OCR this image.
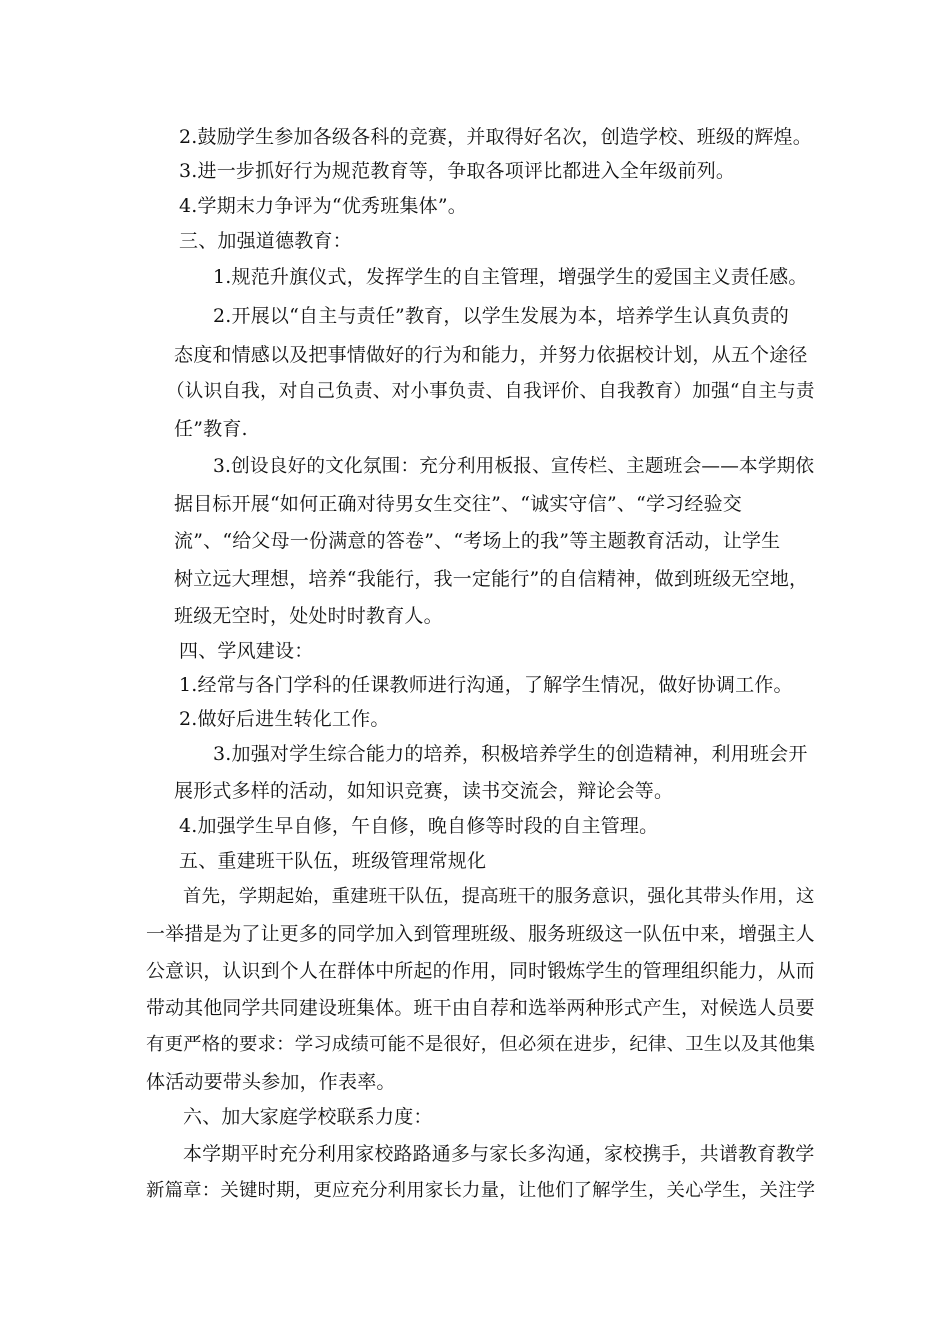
2.鼓励学生参加各级各科的竞赛，并取得好名次，创造学校、班级的辉煌。
3.进一步抓好行为规范教育等，争取各项评比都进入全年级前列。
4.学期末力争评为“优秀班集体”。
三、加强道德教育：
1.规范升旗仪式，发挥学生的自主管理，增强学生的爱国主义责任感。
2.开展以“自主与责任”教育，以学生发展为本，培养学生认真负责的
态度和情感以及把事情做好的行为和能力，并努力依据校计划，从五个途径
（认识自我，对自己负责、对小事负责、自我评价、自我教育）加强“自主与责
任”教育.
3.创设良好的文化氛围：充分利用板报、宣传栏、主题班会——本学期依
据目标开展“如何正确对待男女生交往”、“诚实守信”、“学习经验交
流”、“给父母一份满意的答卷”、“考场上的我”等主题教育活动，让学生
树立远大理想，培养“我能行，我一定能行”的自信精神，做到班级无空地，
班级无空时，处处时时教育人。
四、学风建设：
1.经常与各门学科的任课教师进行沟通，了解学生情况，做好协调工作。
2.做好后进生转化工作。
3.加强对学生综合能力的培养，积极培养学生的创造精神，利用班会开
展形式多样的活动，如知识竞赛，读书交流会，辩论会等。
4.加强学生早自修，午自修，晚自修等时段的自主管理。
五、重建班干队伍，班级管理常规化
首先，学期起始，重建班干队伍，提高班干的服务意识，强化其带头作用，这
一举措是为了让更多的同学加入到管理班级、服务班级这一队伍中来，增强主人
公意识，认识到个人在群体中所起的作用，同时锻炼学生的管理组织能力，从而
带动其他同学共同建设班集体。班干由自荐和选举两种形式产生，对候选人员要
有更严格的要求：学习成绩可能不是很好，但必须在进步，纪律、卫生以及其他集
体活动要带头参加，作表率。
六、加大家庭学校联系力度：
本学期平时充分利用家校路路通多与家长多沟通，家校携手，共谱教育教学
新篇章：关键时期，更应充分利用家长力量，让他们了解学生，关心学生，关注学
